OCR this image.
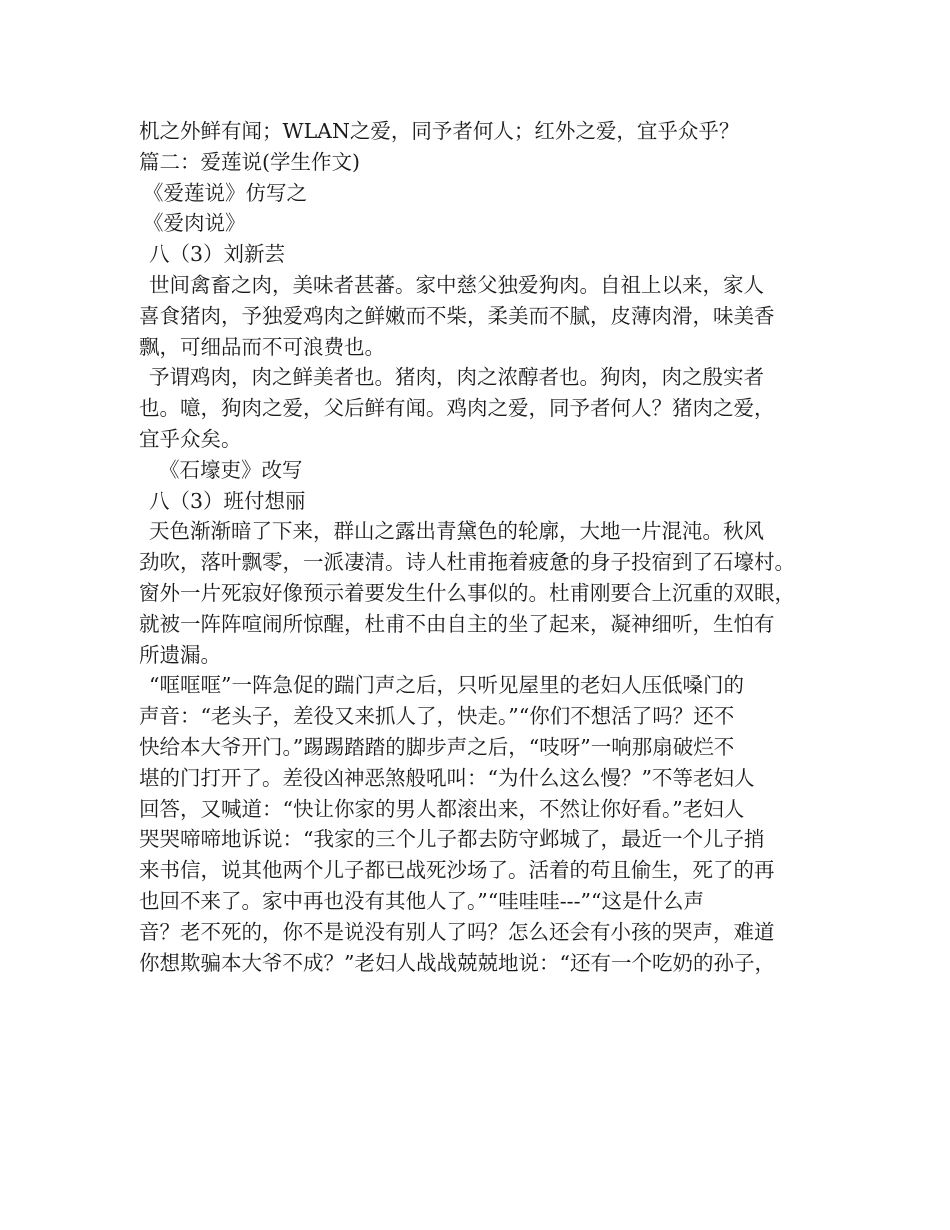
机之外鲜有闻；WLAN之爱，同予者何人；红外之爱，宜乎众乎？
篇二：爱莲说(学生作文)
《爱莲说》仿写之
《爱肉说》
八（3）刘新芸
世间禽畜之肉，美味者甚蕃。家中慈父独爱狗肉。自祖上以来，家人
喜食猪肉，予独爱鸡肉之鲜嫩而不柴，柔美而不腻，皮薄肉滑，味美香
飘，可细品而不可浪费也。
予谓鸡肉，肉之鲜美者也。猪肉，肉之浓醇者也。狗肉，肉之殷实者
也。噫，狗肉之爱，父后鲜有闻。鸡肉之爱，同予者何人？猪肉之爱，
宜乎众矣。
《石壕吏》改写
八（3）班付想丽
天色渐渐暗了下来，群山之露出青黛色的轮廓，大地一片混沌。秋风
劲吹，落叶飘零，一派凄清。诗人杜甫拖着疲惫的身子投宿到了石壕村。
窗外一片死寂好像预示着要发生什么事似的。杜甫刚要合上沉重的双眼，
就被一阵阵喧闹所惊醒，杜甫不由自主的坐了起来，凝神细听，生怕有
所遗漏。
“哐哐哐”一阵急促的踹门声之后，只听见屋里的老妇人压低嗓门的
声音：“老头子，差役又来抓人了，快走。”“你们不想活了吗？还不
快给本大爷开门。”踢踢踏踏的脚步声之后，“吱呀”一响那扇破烂不
堪的门打开了。差役凶神恶煞般吼叫：“为什么这么慢？”不等老妇人
回答，又喊道：“快让你家的男人都滚出来，不然让你好看。”老妇人
哭哭啼啼地诉说：“我家的三个儿子都去防守邺城了，最近一个儿子捎
来书信，说其他两个儿子都已战死沙场了。活着的苟且偷生，死了的再
也回不来了。家中再也没有其他人了。”“哇哇哇---”“这是什么声
音？老不死的，你不是说没有别人了吗？怎么还会有小孩的哭声，难道
你想欺骗本大爷不成？”老妇人战战兢兢地说：“还有一个吃奶的孙子，
